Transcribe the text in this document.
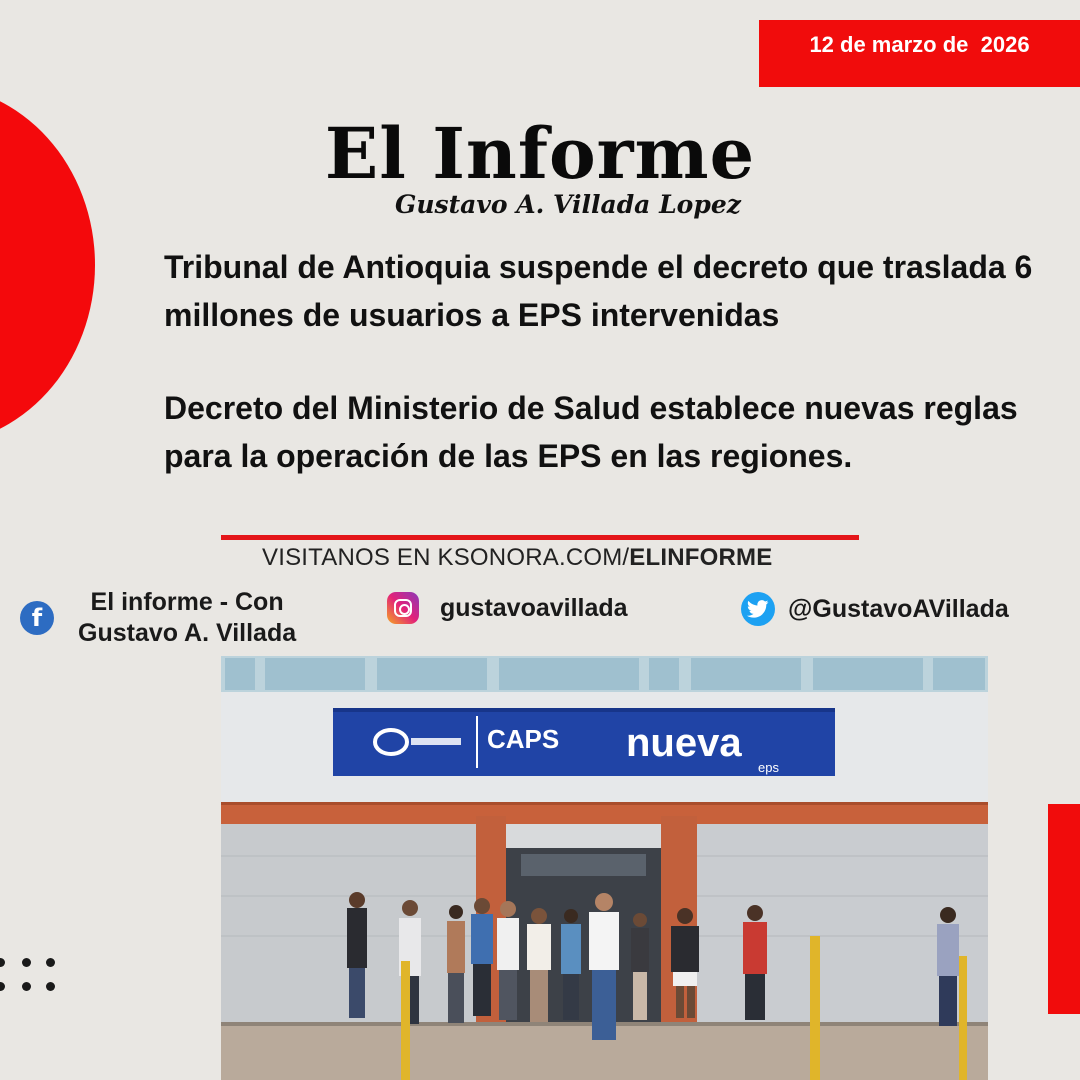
12 de marzo de  2026
El Informe
Gustavo A. Villada Lopez

Tribunal de Antioquia suspende el decreto que traslada 6 millones de usuarios a EPS intervenidas

Decreto del Ministerio de Salud establece nuevas reglas para la operación de las EPS en las regiones.

VISITANOS EN KSONORA.COM/ELINFORME
f
El informe - Con
Gustavo A. Villada
gustavoavillada	@GustavoAVillada
CAPS nueva
eps
